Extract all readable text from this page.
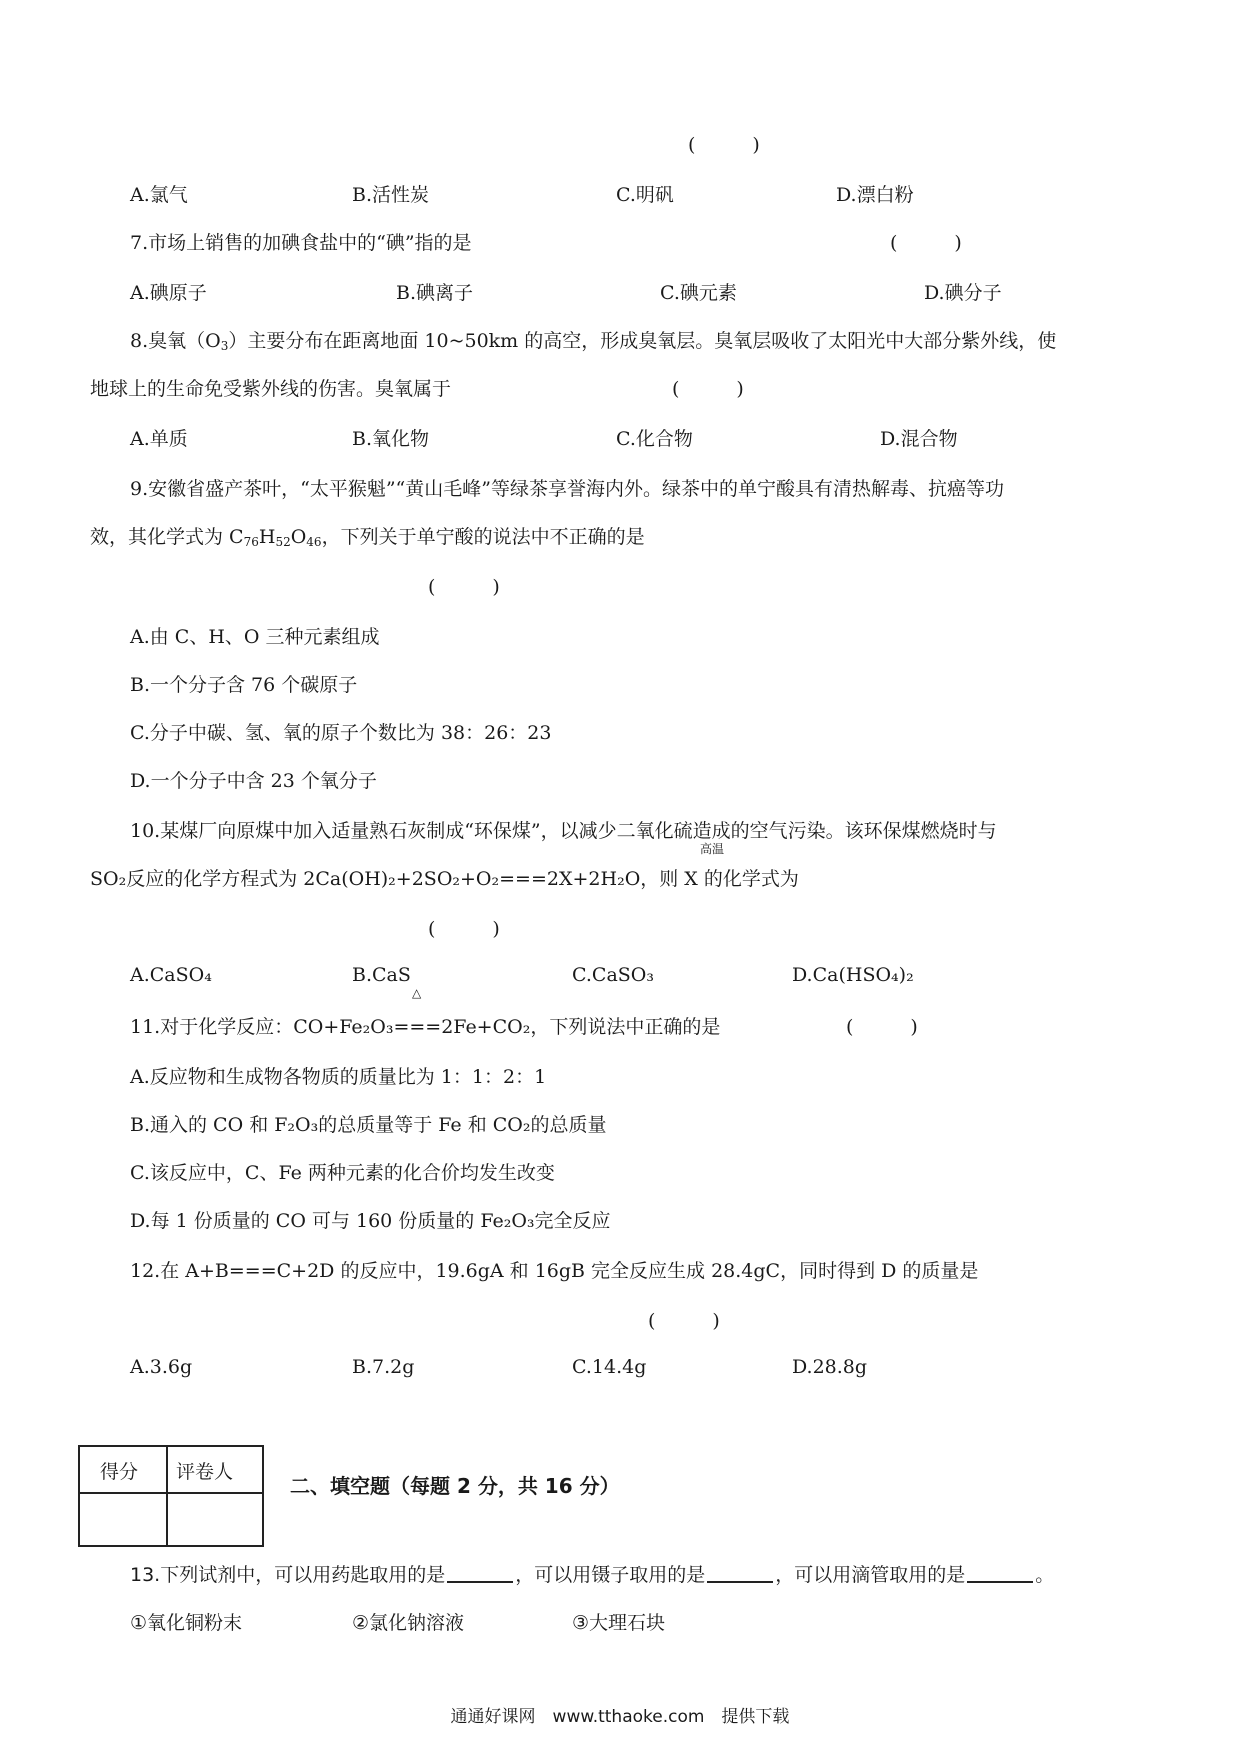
(　　　)
A.氯气	B.活性炭	C.明矾	D.漂白粉
7.市场上销售的加碘食盐中的“碘”指的是	(　　　)
A.碘原子	B.碘离子	C.碘元素	D.碘分子
8.臭氧$(O_3)$主要分布在距离地面 10~50km 的高空，形成臭氧层。臭氧层吸收了太阳光中大部分紫外线，使
地球上的生命免受紫外线的伤害。臭氧属于	(　　　)
A.单质	B.氧化物	C.化合物	D.混合物
9.安徽省盛产茶叶，“太平猴魁”“黄山毛峰”等绿茶享誉海内外。绿茶中的单宁酸具有清热解毒、抗癌等功
效，其化学式为 $C_{76}H_{52}O_{46}$，下列关于单宁酸的说法中不正确的是
(　　　)
A.由 C、H、O 三种元素组成
B.一个分子含 76 个碳原子
C.分子中碳、氢、氧的原子个数比为 38：26：23
D.一个分子中含 23 个氧分子
10.某煤厂向原煤中加入适量熟石灰制成“环保煤”，以减少二氧化硫造成的空气污染。该环保煤燃烧时与
高温
SO₂反应的化学方程式为 2Ca(OH)₂+2SO₂+O₂===2X+2H₂O，则 X 的化学式为
(　　　)
A.CaSO₄	B.CaS
△
C.CaSO₃	D.Ca(HSO₄)₂
11.对于化学反应：CO+Fe₂O₃===2Fe+CO₂，下列说法中正确的是	(　　　)
A.反应物和生成物各物质的质量比为 1：1：2：1
B.通入的 CO 和 F₂O₃的总质量等于 Fe 和 CO₂的总质量
C.该反应中，C、Fe 两种元素的化合价均发生改变
D.每 1 份质量的 CO 可与 160 份质量的 Fe₂O₃完全反应
12.在 A+B===C+2D 的反应中，19.6gA 和 16gB 完全反应生成 28.4gC，同时得到 D 的质量是
(　　　)
A.3.6g	B.7.2g	C.14.4g	D.28.8g
得分 评卷人
二、填空题（每题 2 分，共 16 分）
13.下列试剂中，可以用药匙取用的是	，可以用镊子取用的是	，可以用滴管取用的是	。
①氧化铜粉末	②氯化钠溶液	③大理石块
通通好课网　www.tthaoke.com　提供下载
